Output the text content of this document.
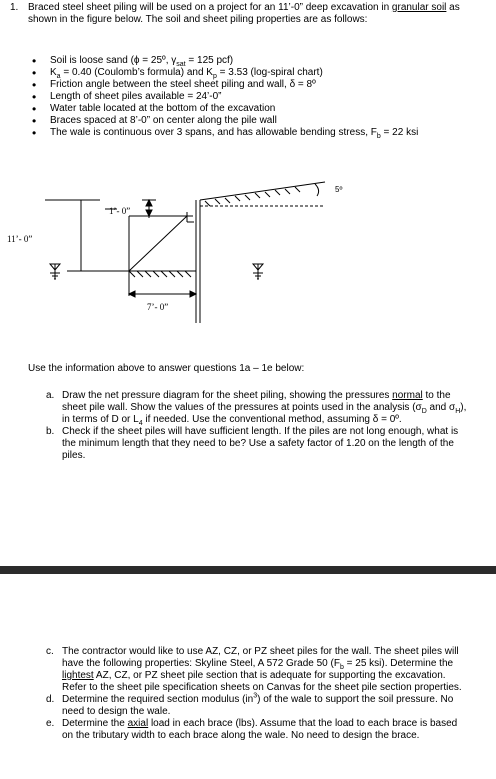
1. Braced steel sheet piling will be used on a project for an 11’-0” deep excavation in granular soil as shown in the figure below. The soil and sheet piling properties are as follows:
• Soil is loose sand (ϕ = 25º, $\gamma_{sat} = 125$ pcf)
• $K_a = 0.40$ (Coulomb’s formula) and $K_p = 3.53$ (log-spiral chart)
• Friction angle between the steel sheet piling and wall, δ = 8º
• Length of sheet piles available = 24’-0”
• Water table located at the bottom of the excavation
• Braces spaced at 8’-0” on center along the pile wall
• The wale is continuous over 3 spans, and has allowable bending stress, $F_b = 22$ ksi
1’- 0”
11’- 0”
7’- 0”
5º
Use the information above to answer questions 1a – 1e below:
a. Draw the net pressure diagram for the sheet piling, showing the pressures normal to the sheet pile wall. Show the values of the pressures at points used in the analysis ($\sigma_D$ and $\sigma_H$), in terms of D or $L_4$ if needed. Use the conventional method, assuming δ = 0º.
b. Check if the sheet piles will have sufficient length. If the piles are not long enough, what is the minimum length that they need to be? Use a safety factor of 1.20 on the length of the piles.
c. The contractor would like to use AZ, CZ, or PZ sheet piles for the wall. The sheet piles will have the following properties: Skyline Steel, A 572 Grade 50 ($F_b = 25$ ksi). Determine the lightest AZ, CZ, or PZ sheet pile section that is adequate for supporting the excavation. Refer to the sheet pile specification sheets on Canvas for the sheet pile section properties.
d. Determine the required section modulus $(in^3)$ of the wale to support the soil pressure. No need to design the wale.
e. Determine the axial load in each brace (lbs). Assume that the load to each brace is based on the tributary width to each brace along the wale. No need to design the brace.
